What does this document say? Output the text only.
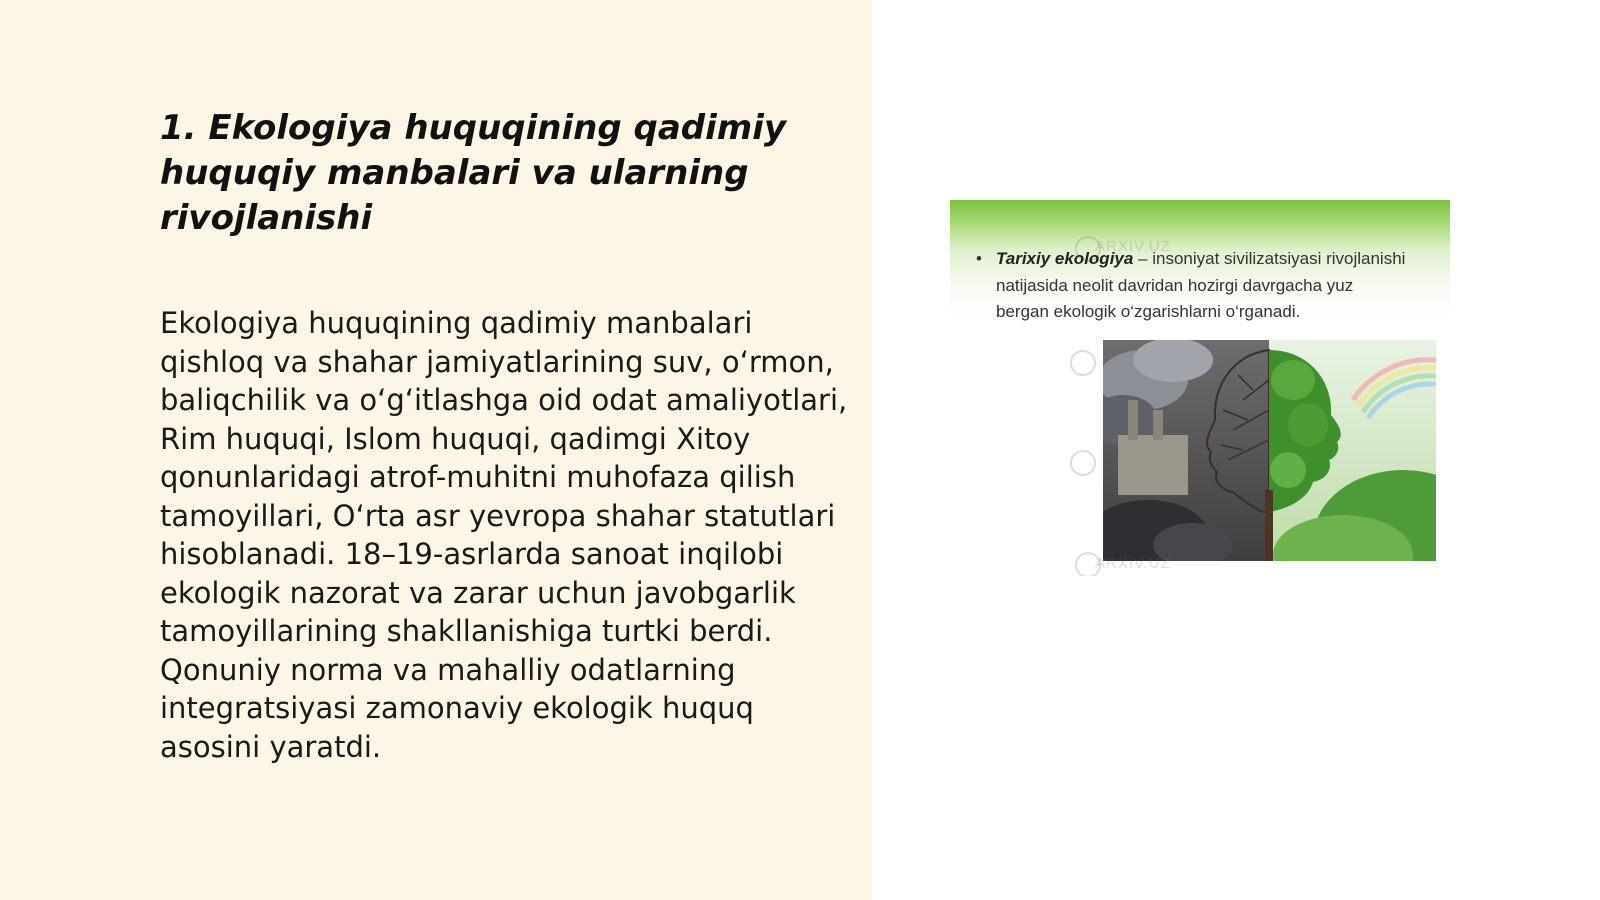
1. Ekologiya huquqining qadimiy huquqiy manbalari va ularning rivojlanishi

Ekologiya huquqining qadimiy manbalari qishloq va shahar jamiyatlarining suv, o‘rmon, baliqchilik va o‘g‘itlashga oid odat amaliyotlari, Rim huquqi, Islom huquqi, qadimgi Xitoy qonunlaridagi atrof-muhitni muhofaza qilish tamoyillari, O‘rta asr yevropa shahar statutlari hisoblanadi. 18–19-asrlarda sanoat inqilobi ekologik nazorat va zarar uchun javobgarlik tamoyillarining shakllanishiga turtki berdi. Qonuniy norma va mahalliy odatlarning integratsiyasi zamonaviy ekologik huquq asosini yaratdi.

ARXIV.UZ
• Tarixiy ekologiya – insoniyat sivilizatsiyasi rivojlanishi natijasida neolit davridan hozirgi davrgacha yuz bergan ekologik o‘zgarishlarni o‘rganadi.
ARXIV.UZ
